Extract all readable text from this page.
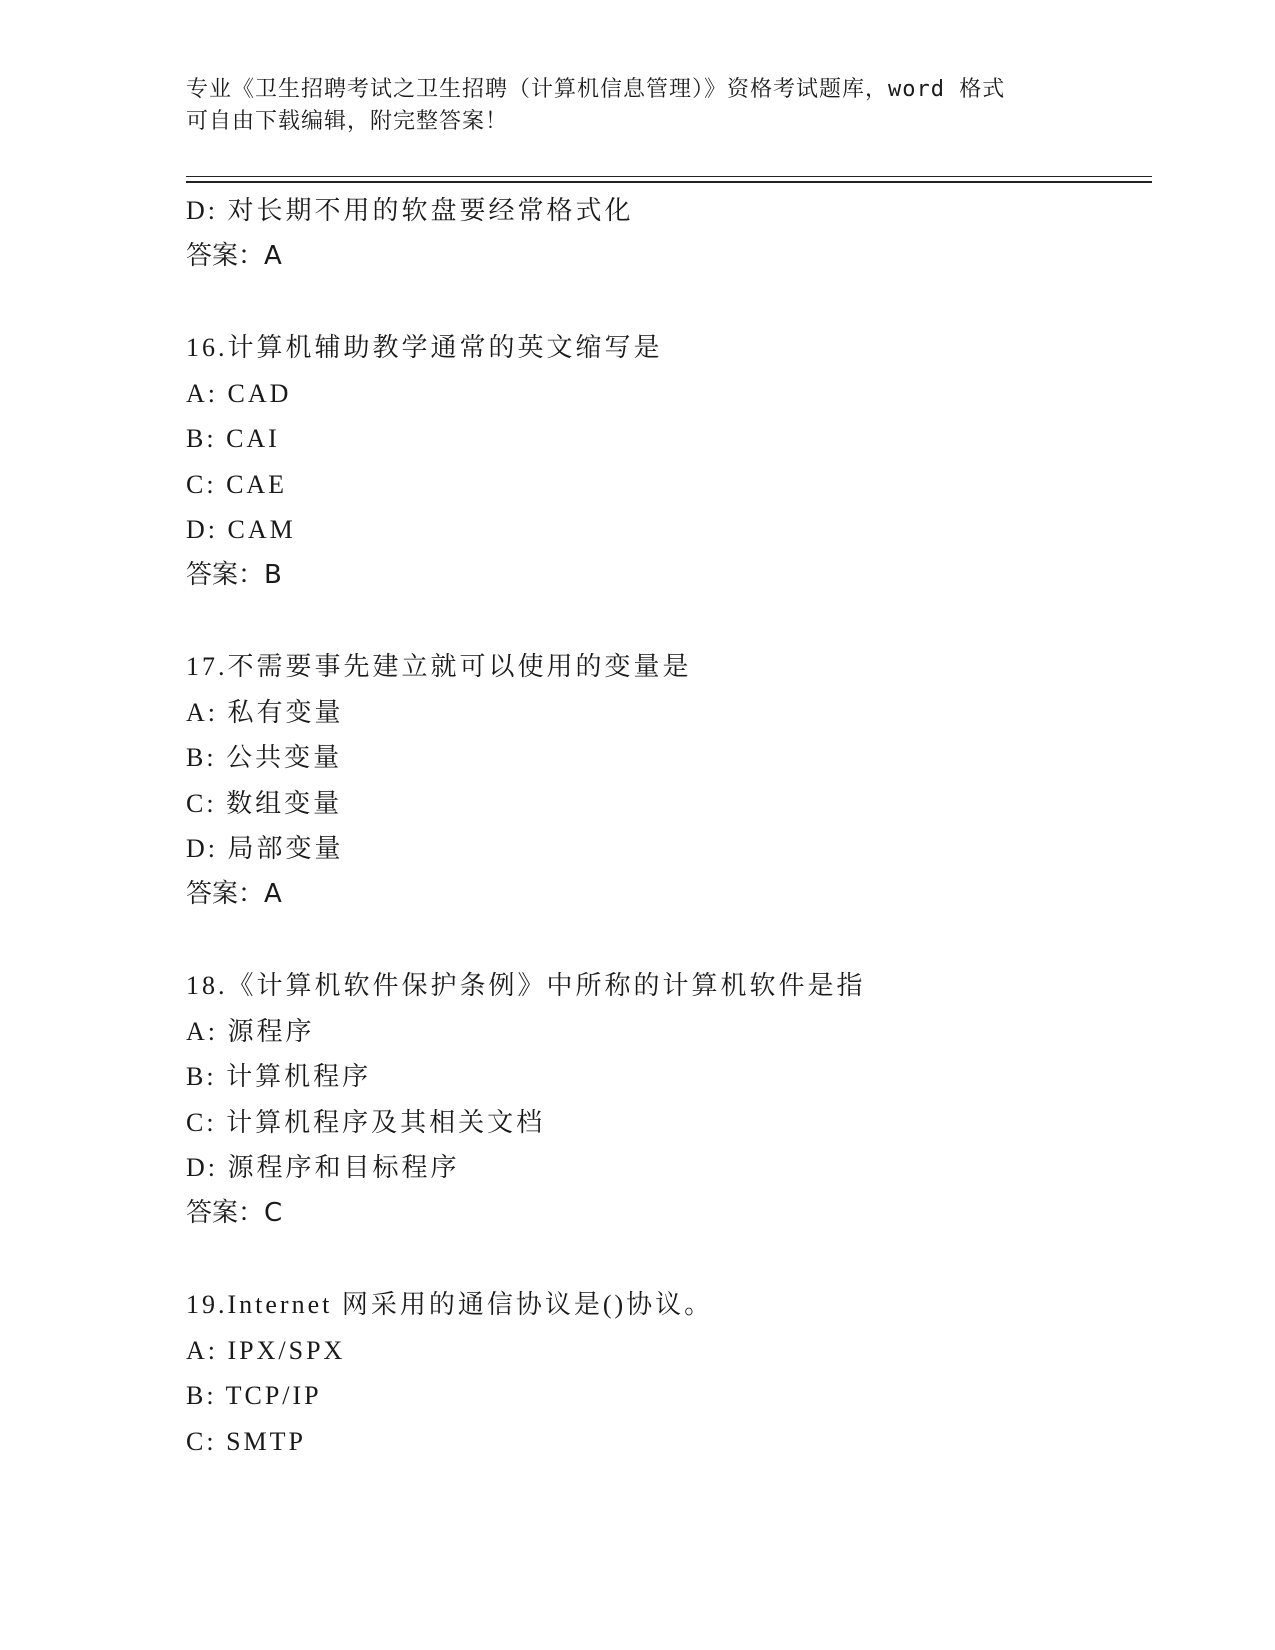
专业《卫生招聘考试之卫生招聘（计算机信息管理）》资格考试题库，word 格式
可自由下载编辑，附完整答案！
D: 对长期不用的软盘要经常格式化
答案：A
16.计算机辅助教学通常的英文缩写是
A: CAD
B: CAI
C: CAE
D: CAM
答案：B
17.不需要事先建立就可以使用的变量是
A: 私有变量
B: 公共变量
C: 数组变量
D: 局部变量
答案：A
18.《计算机软件保护条例》中所称的计算机软件是指
A: 源程序
B: 计算机程序
C: 计算机程序及其相关文档
D: 源程序和目标程序
答案：C
19.Internet 网采用的通信协议是()协议。
A: IPX/SPX
B: TCP/IP
C: SMTP
